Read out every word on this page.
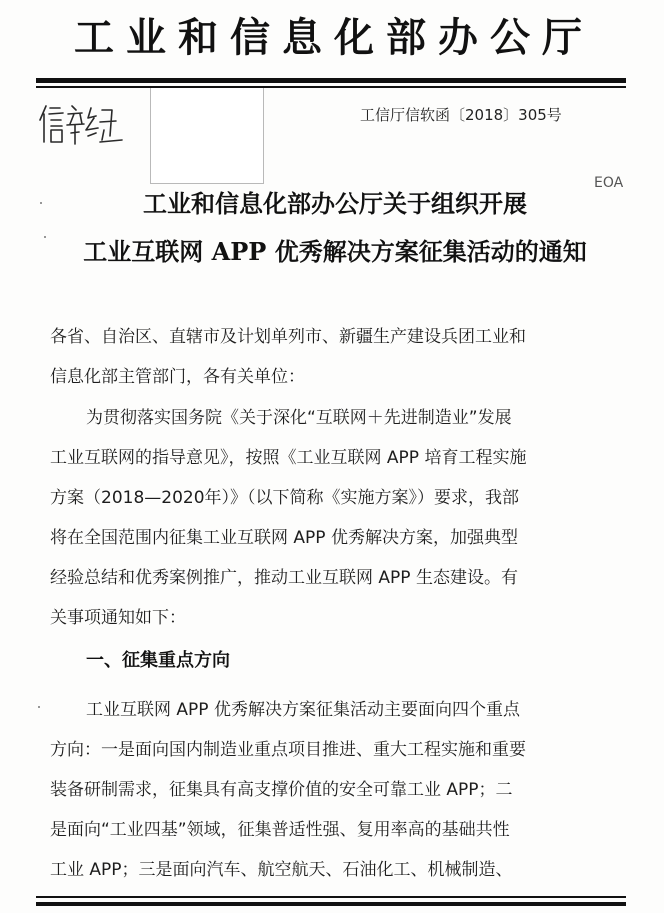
工业和信息化部办公厅
工信厅信软函〔2018〕305号
EOA
工业和信息化部办公厅关于组织开展
工业互联网 APP 优秀解决方案征集活动的通知
各省、自治区、直辖市及计划单列市、新疆生产建设兵团工业和
信息化部主管部门，各有关单位：
为贯彻落实国务院《关于深化“互联网＋先进制造业”发展
工业互联网的指导意见》，按照《工业互联网 APP 培育工程实施
方案（2018—2020年）》（以下简称《实施方案》）要求，我部
将在全国范围内征集工业互联网 APP 优秀解决方案，加强典型
经验总结和优秀案例推广，推动工业互联网 APP 生态建设。有
关事项通知如下：
一、征集重点方向
工业互联网 APP 优秀解决方案征集活动主要面向四个重点
方向：一是面向国内制造业重点项目推进、重大工程实施和重要
装备研制需求，征集具有高支撑价值的安全可靠工业 APP；二
是面向“工业四基”领域，征集普适性强、复用率高的基础共性
工业 APP；三是面向汽车、航空航天、石油化工、机械制造、
